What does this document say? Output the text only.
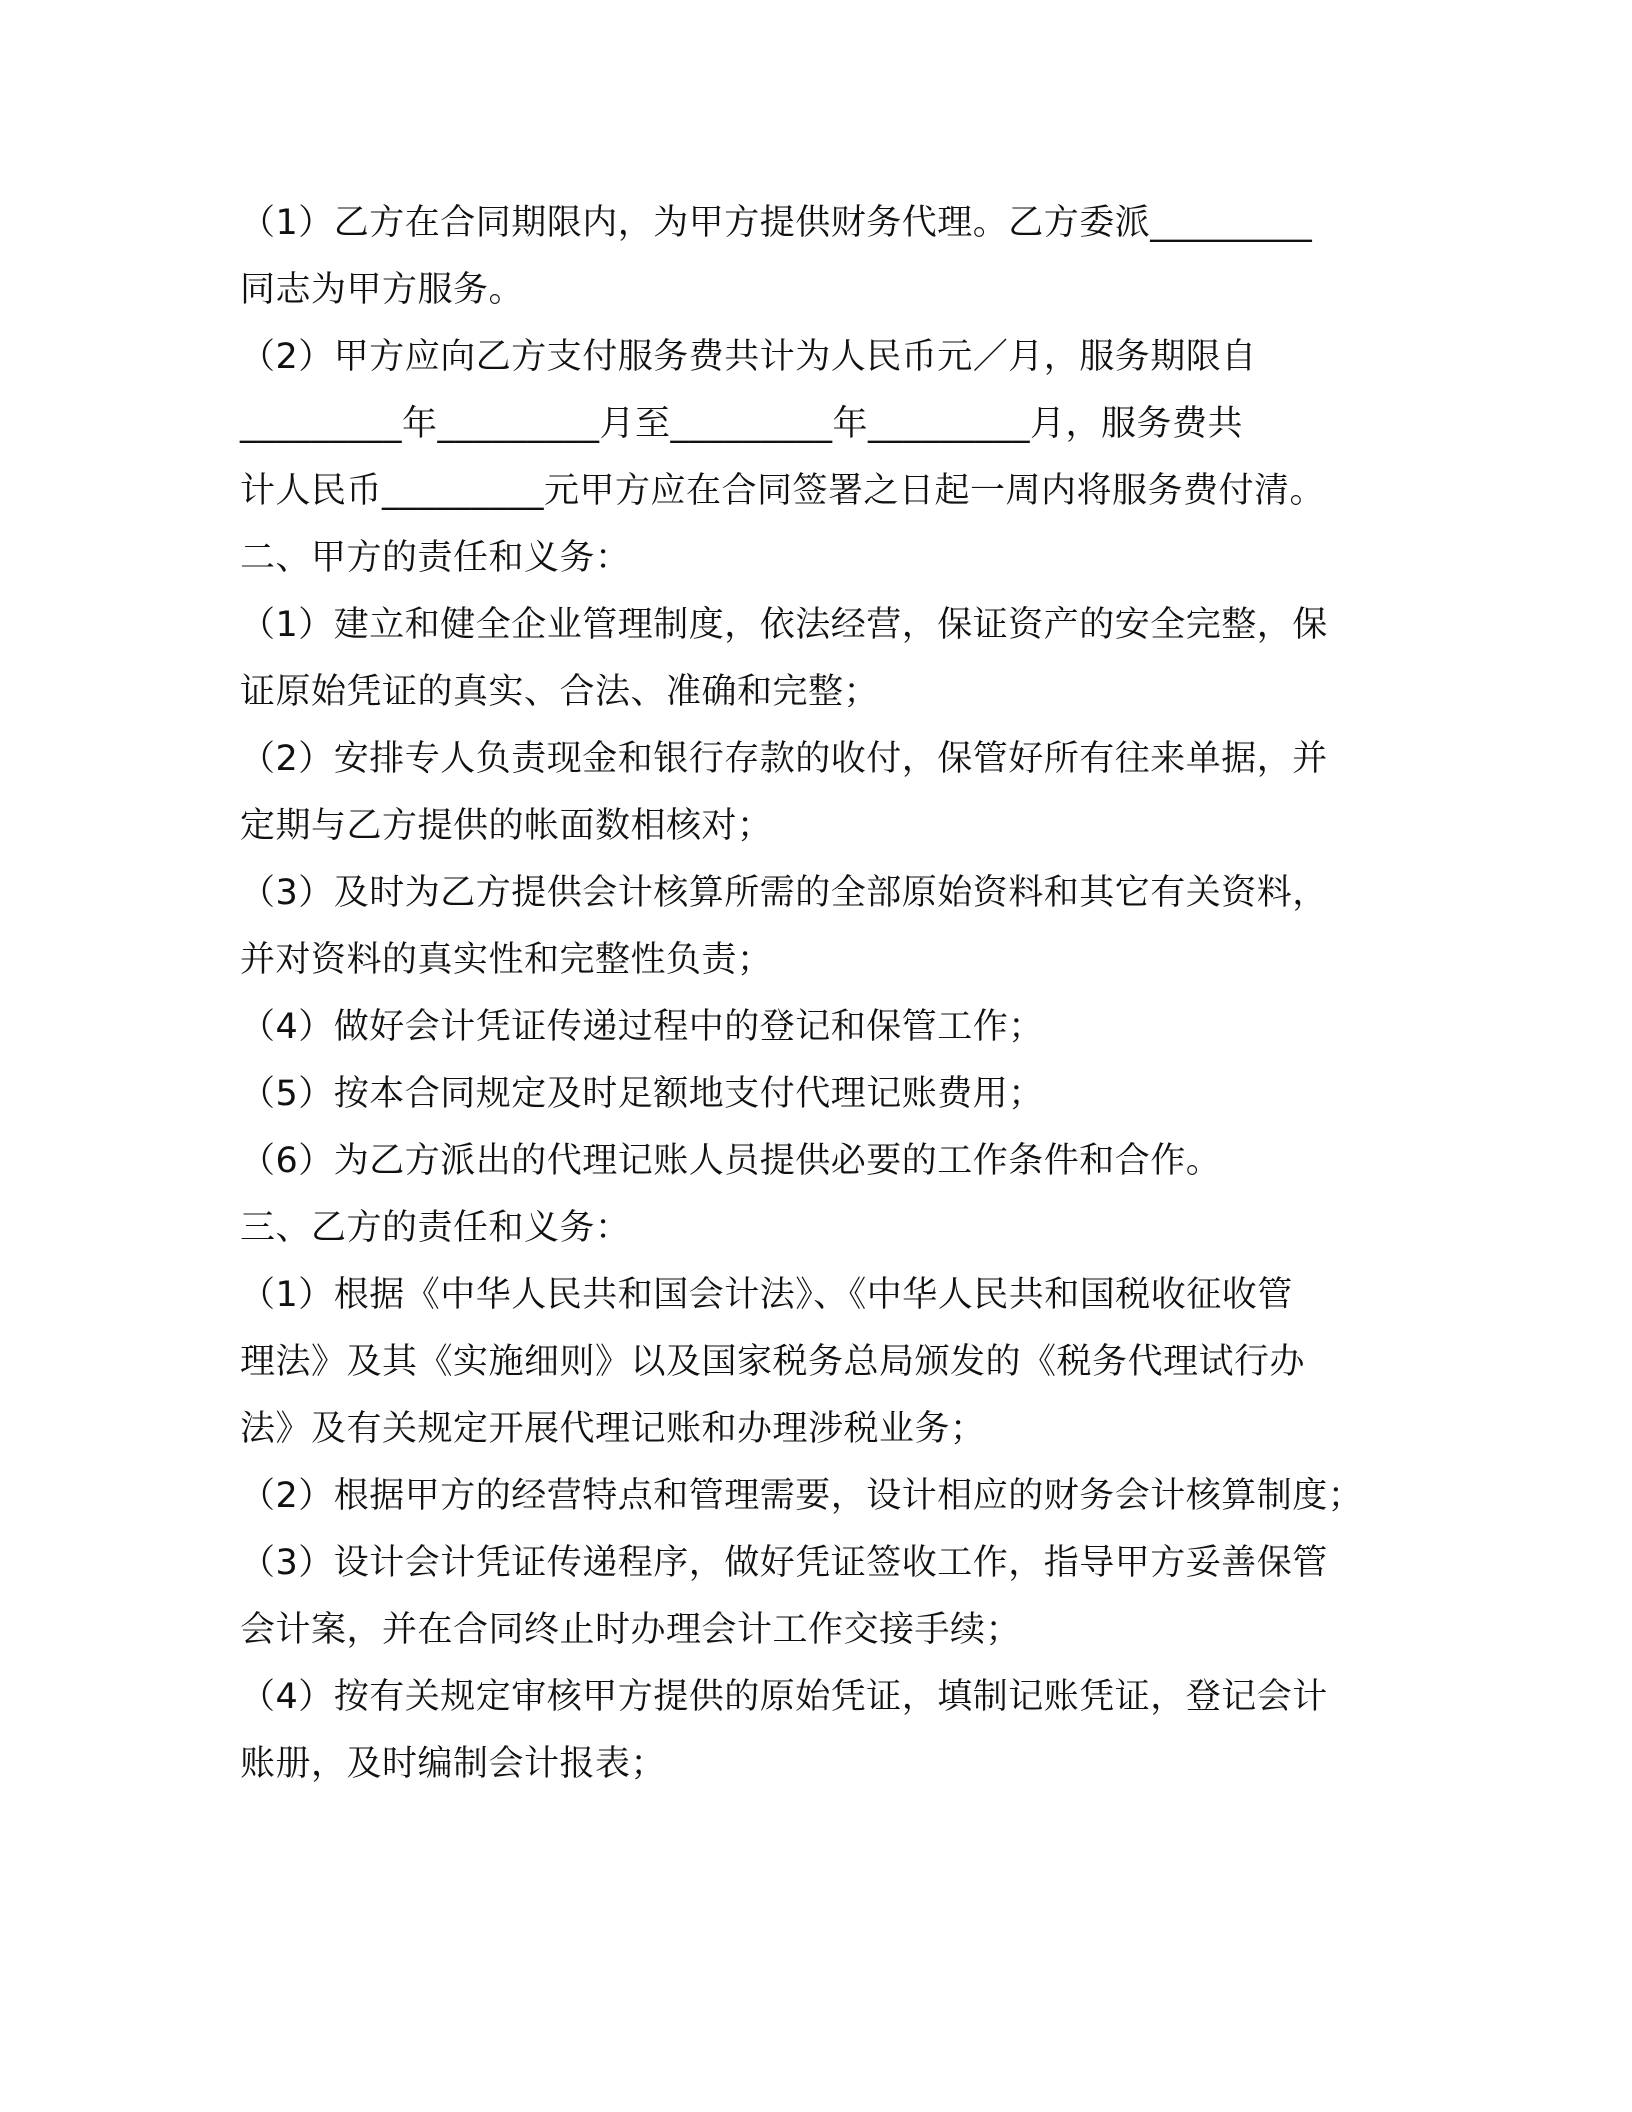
（1）乙方在合同期限内，为甲方提供财务代理。乙方委派_________
同志为甲方服务。
（2）甲方应向乙方支付服务费共计为人民币元／月，服务期限自
_________年_________月至_________年_________月，服务费共
计人民币_________元甲方应在合同签署之日起一周内将服务费付清。
二、甲方的责任和义务：
（1）建立和健全企业管理制度，依法经营，保证资产的安全完整，保
证原始凭证的真实、合法、准确和完整；
（2）安排专人负责现金和银行存款的收付，保管好所有往来单据，并
定期与乙方提供的帐面数相核对；
（3）及时为乙方提供会计核算所需的全部原始资料和其它有关资料，
并对资料的真实性和完整性负责；
（4）做好会计凭证传递过程中的登记和保管工作；
（5）按本合同规定及时足额地支付代理记账费用；
（6）为乙方派出的代理记账人员提供必要的工作条件和合作。
三、乙方的责任和义务：
（1）根据《中华人民共和国会计法》、《中华人民共和国税收征收管
理法》及其《实施细则》以及国家税务总局颁发的《税务代理试行办
法》及有关规定开展代理记账和办理涉税业务；
（2）根据甲方的经营特点和管理需要，设计相应的财务会计核算制度；
（3）设计会计凭证传递程序，做好凭证签收工作，指导甲方妥善保管
会计案，并在合同终止时办理会计工作交接手续；
（4）按有关规定审核甲方提供的原始凭证，填制记账凭证，登记会计
账册，及时编制会计报表；
